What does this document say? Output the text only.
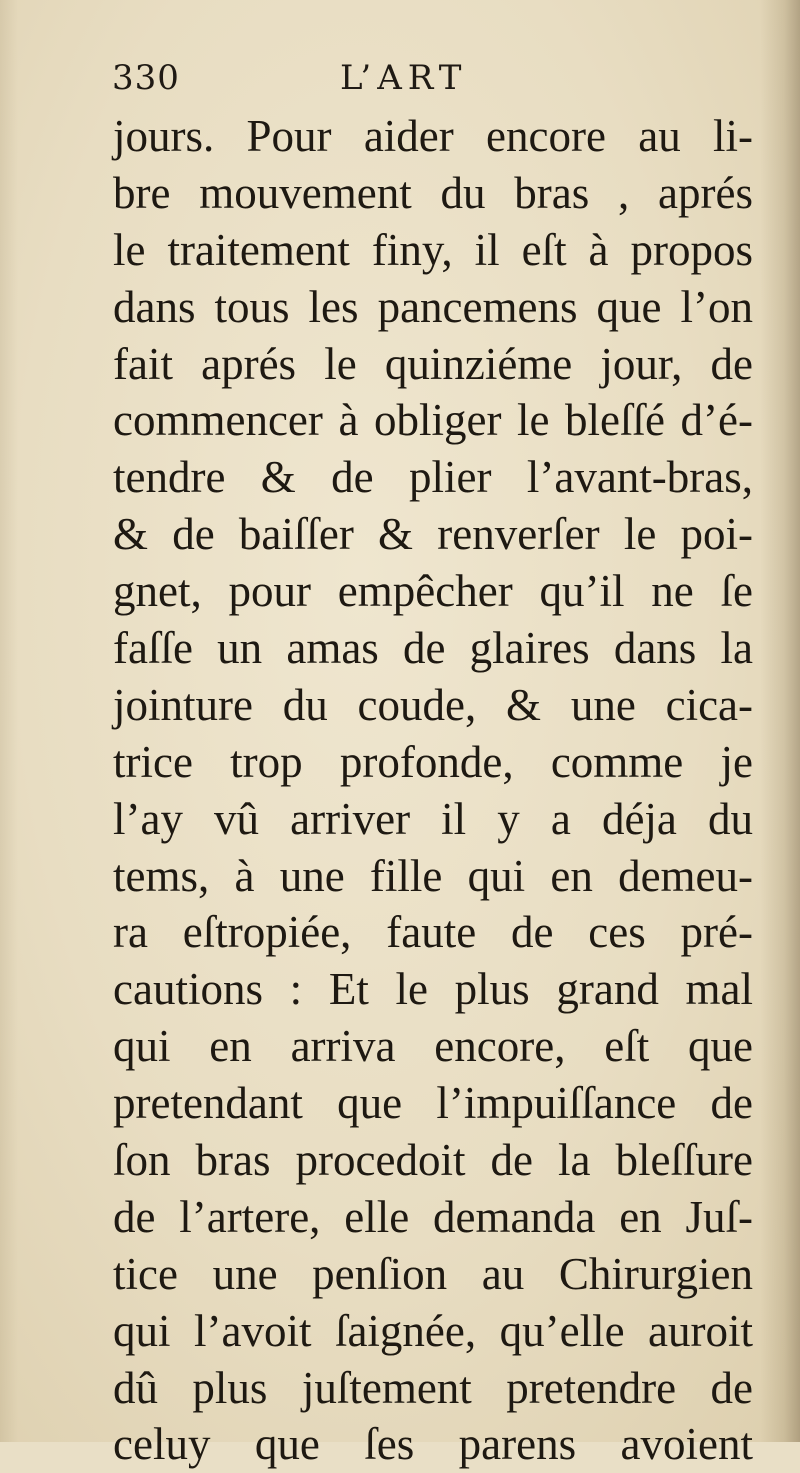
330	L’ART
jours. Pour aider encore au li-
bre mouvement du bras , aprés
le traitement finy, il eſt à propos
dans tous les pancemens que l’on
fait aprés le quinziéme jour, de
commencer à obliger le bleſſé d’é-
tendre & de plier l’avant-bras,
& de baiſſer & renverſer le poi-
gnet, pour empêcher qu’il ne ſe
faſſe un amas de glaires dans la
jointure du coude, & une cica-
trice trop profonde, comme je
l’ay vû arriver il y a déja du
tems, à une fille qui en demeu-
ra eſtropiée, faute de ces pré-
cautions : Et le plus grand mal
qui en arriva encore, eſt que
pretendant que l’impuiſſance de
ſon bras procedoit de la bleſſure
de l’artere, elle demanda en Juſ-
tice une penſion au Chirurgien
qui l’avoit ſaignée, qu’elle auroit
dû plus juſtement pretendre de
celuy que ſes parens avoient
